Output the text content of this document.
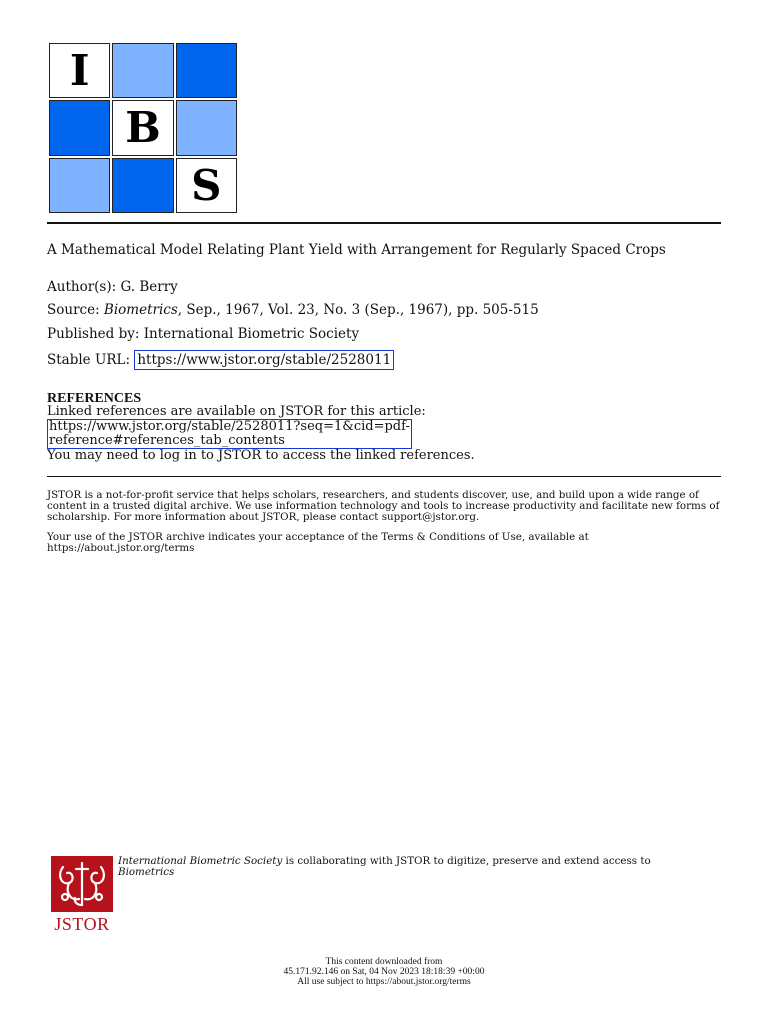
I
B
S
A Mathematical Model Relating Plant Yield with Arrangement for Regularly Spaced Crops
Author(s): G. Berry
Source: Biometrics, Sep., 1967, Vol. 23, No. 3 (Sep., 1967), pp. 505-515
Published by: International Biometric Society
Stable URL: https://www.jstor.org/stable/2528011
REFERENCES
Linked references are available on JSTOR for this article:
https://www.jstor.org/stable/2528011?seq=1&cid=pdf-
reference#references_tab_contents
You may need to log in to JSTOR to access the linked references.
JSTOR is a not-for-profit service that helps scholars, researchers, and students discover, use, and build upon a wide range of content in a trusted digital archive. We use information technology and tools to increase productivity and facilitate new forms of scholarship. For more information about JSTOR, please contact support@jstor.org.
Your use of the JSTOR archive indicates your acceptance of the Terms & Conditions of Use, available at https://about.jstor.org/terms
JSTOR
International Biometric Society is collaborating with JSTOR to digitize, preserve and extend access to Biometrics
This content downloaded from
45.171.92.146 on Sat, 04 Nov 2023 18:18:39 +00:00
All use subject to https://about.jstor.org/terms
